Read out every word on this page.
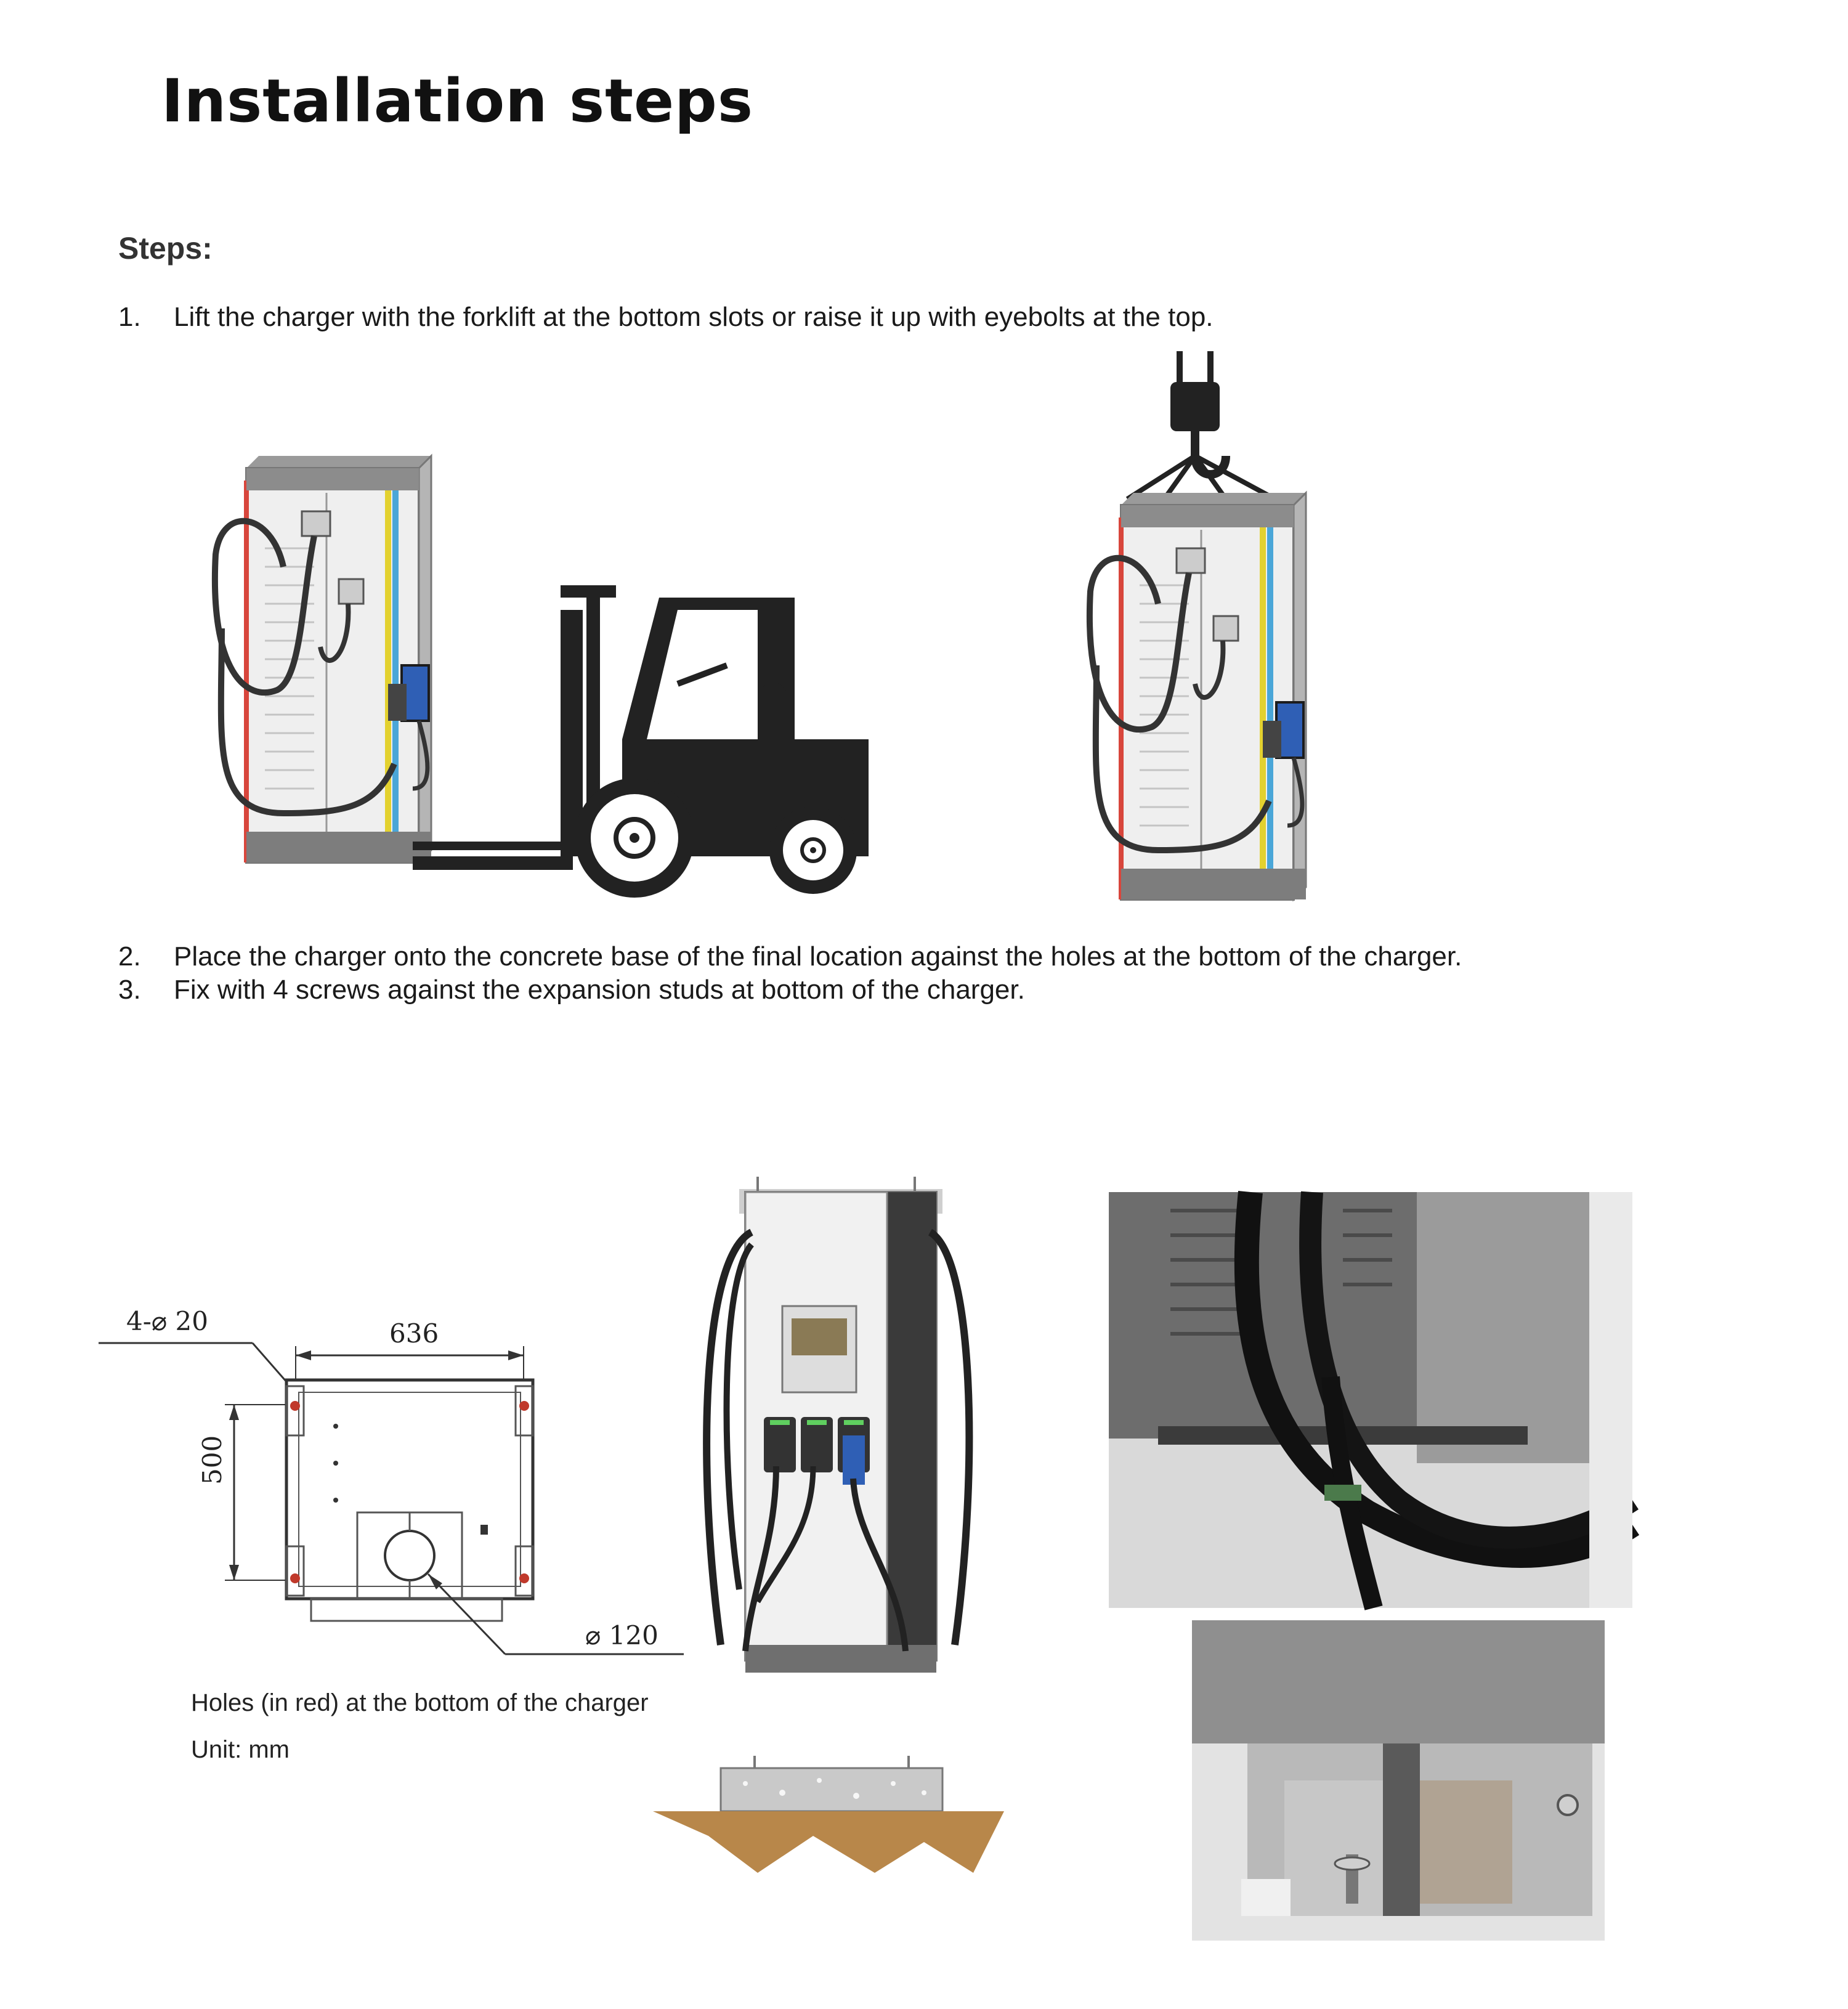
Installation steps
Steps:
1. Lift the charger with the forklift at the bottom slots or raise it up with eyebolts at the top.
2. Place the charger onto the concrete base of the final location against the holes at the bottom of the charger.
3. Fix with 4 screws against the expansion studs at bottom of the charger.
4-⌀ 20	636
500
⌀ 120
Holes (in red) at the bottom of the charger
Unit: mm
